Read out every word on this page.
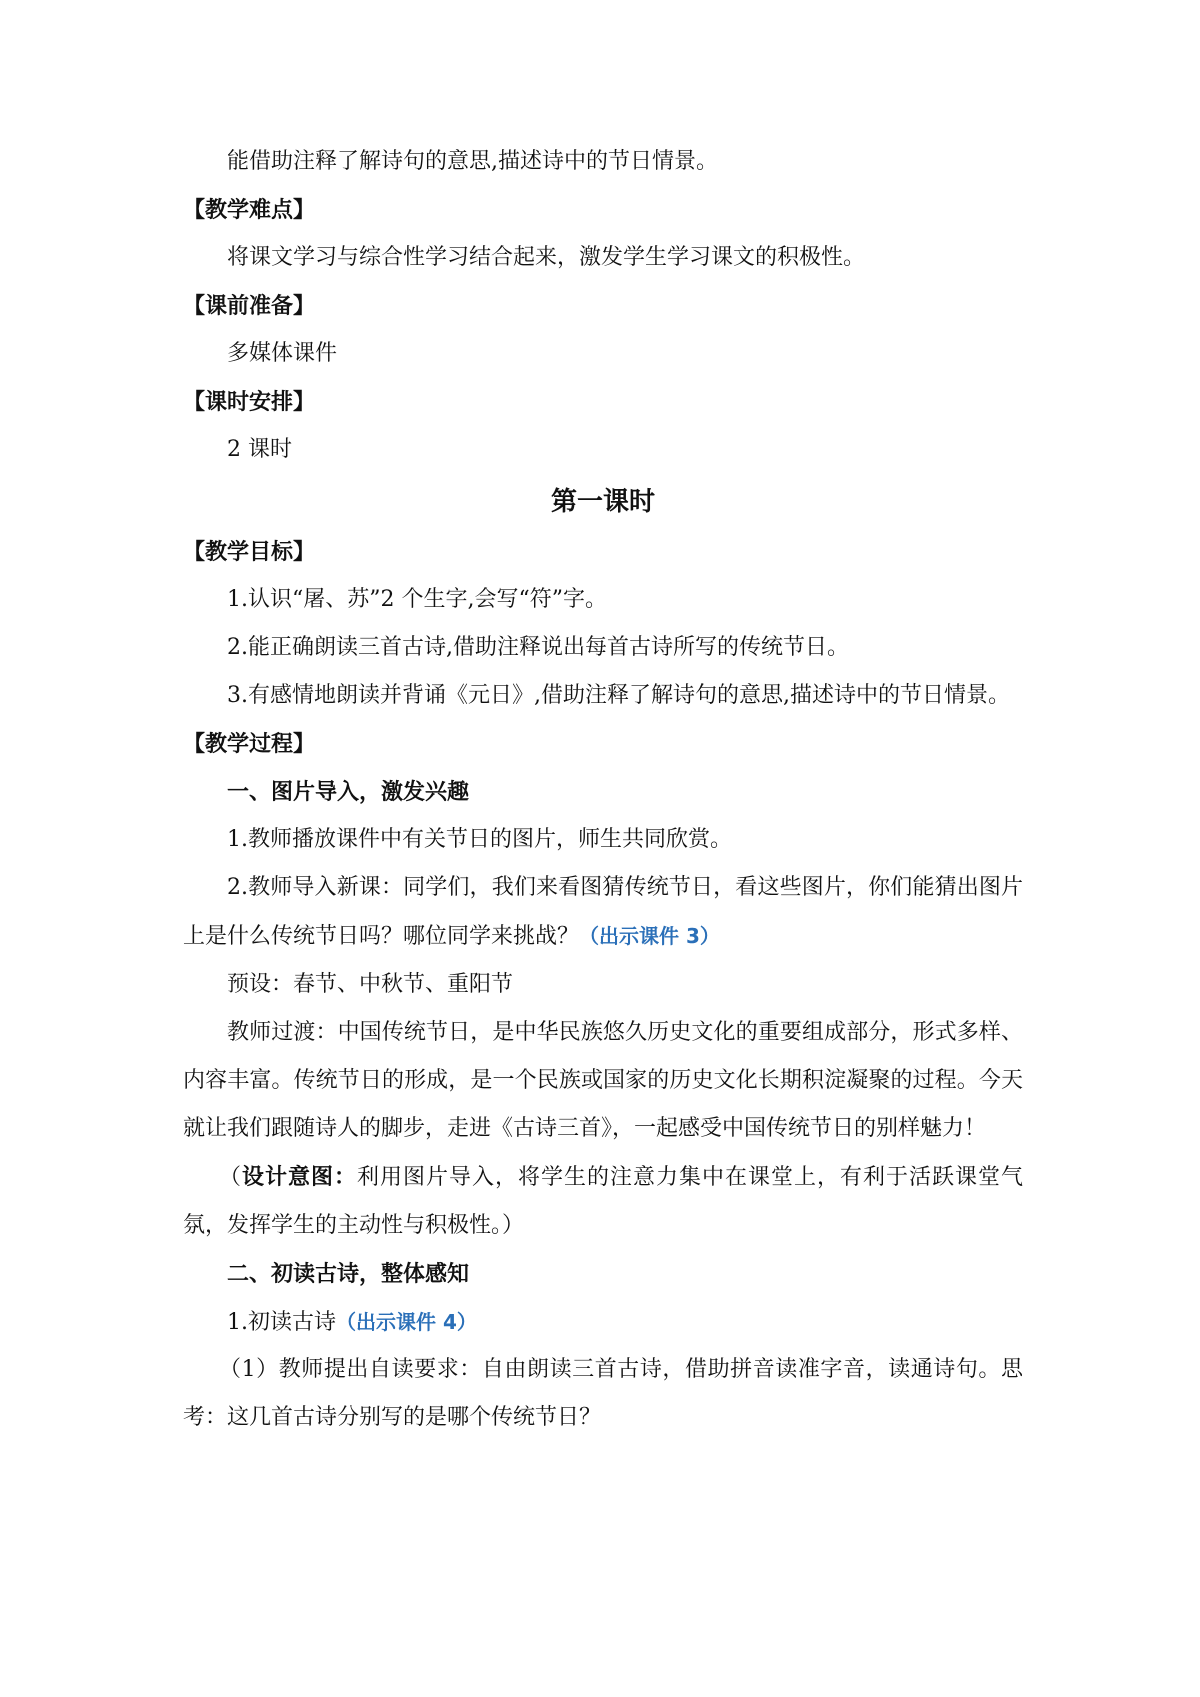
能借助注释了解诗句的意思,描述诗中的节日情景。
【教学难点】
将课文学习与综合性学习结合起来，激发学生学习课文的积极性。
【课前准备】
多媒体课件
【课时安排】
2 课时
第一课时
【教学目标】
1.认识“屠、苏”2 个生字,会写“符”字。
2.能正确朗读三首古诗,借助注释说出每首古诗所写的传统节日。

3.有感情地朗读并背诵《元日》,借助注释了解诗句的意思,描述诗中的节日情景。

【教学过程】
一、图片导入，激发兴趣
1.教师播放课件中有关节日的图片，师生共同欣赏。

2.教师导入新课：同学们，我们来看图猜传统节日，看这些图片，你们能猜出图片上是什么传统节日吗？哪位同学来挑战？（出示课件 3）

预设：春节、中秋节、重阳节

教师过渡：中国传统节日，是中华民族悠久历史文化的重要组成部分，形式多样、内容丰富。传统节日的形成，是一个民族或国家的历史文化长期积淀凝聚的过程。今天就让我们跟随诗人的脚步，走进《古诗三首》，一起感受中国传统节日的别样魅力！

（设计意图：利用图片导入，将学生的注意力集中在课堂上，有利于活跃课堂气氛，发挥学生的主动性与积极性。）

二、初读古诗，整体感知
1.初读古诗（出示课件 4）

（1）教师提出自读要求：自由朗读三首古诗，借助拼音读准字音，读通诗句。思考：这几首古诗分别写的是哪个传统节日？
